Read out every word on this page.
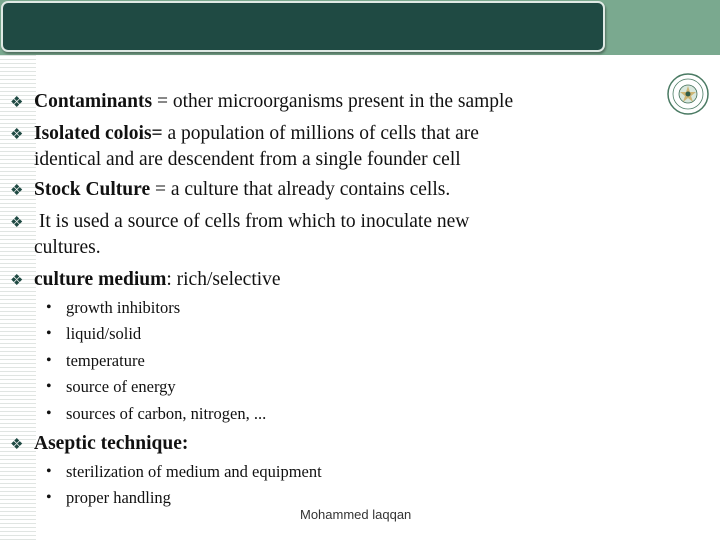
❖ Contaminants = other microorganisms present in the sample
❖ Isolated colois= a population of millions of cells that are
identical and are descendent from a single founder cell
❖ Stock Culture = a culture that already contains cells.
❖ It is used a source of cells from which to inoculate new
cultures.
❖ culture medium: rich/selective
• growth inhibitors
• liquid/solid
• temperature
• source of energy
• sources of carbon, nitrogen, ...
❖ Aseptic technique:
• sterilization of medium and equipment
• proper handling
Mohammed laqqan
